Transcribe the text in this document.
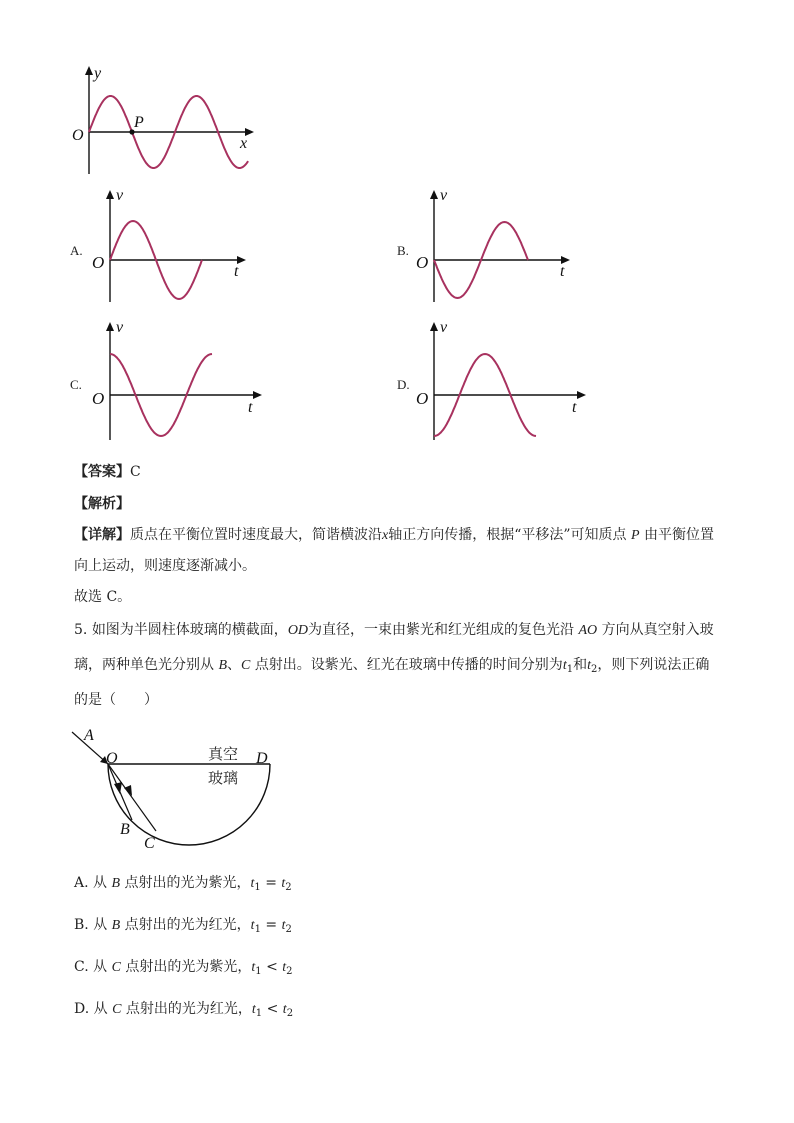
y
O
P
x
A.
v
O	t
B.
v
O	t
C.
v
O	t
D.
v
O	t
【答案】C
【解析】
【详解】质点在平衡位置时速度最大，简谐横波沿x轴正方向传播，根据“平移法”可知质点 P 由平衡位置
向上运动，则速度逐渐减小。
故选 C。
5. 如图为半圆柱体玻璃的横截面，OD为直径，一束由紫光和红光组成的复色光沿 AO 方向从真空射入玻
璃，两种单色光分别从 B、C 点射出。设紫光、红光在玻璃中传播的时间分别为$t_1$和$t_2$，则下列说法正确
的是（　　）
A
O	D
B
C
真空
玻璃
A. 从 B 点射出的光为紫光，$t_1 = t_2$
B. 从 B 点射出的光为红光，$t_1 = t_2$
C. 从 C 点射出的光为紫光，$t_1 < t_2$
D. 从 C 点射出的光为红光，$t_1 < t_2$
